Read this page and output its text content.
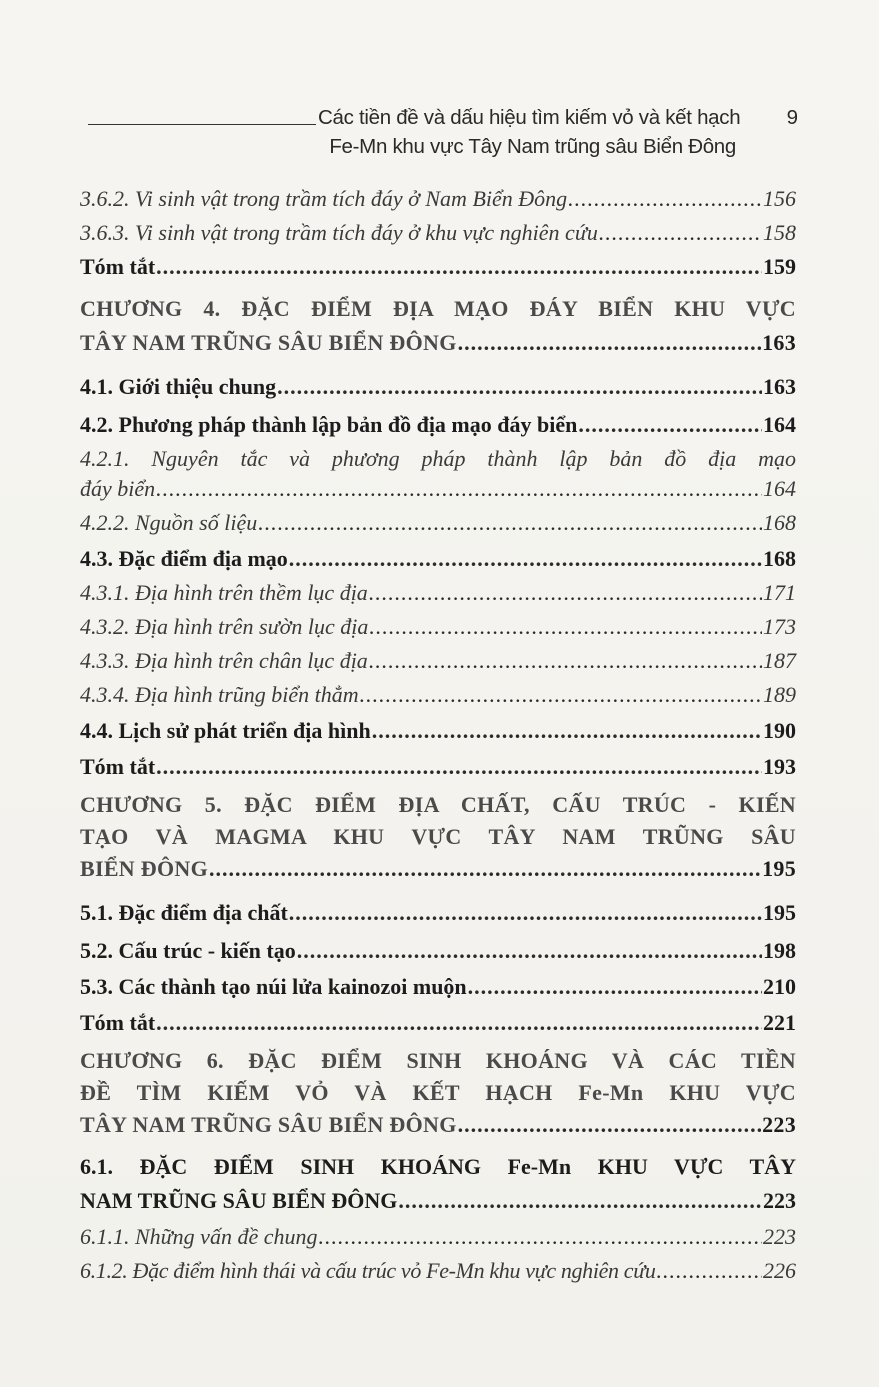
Các tiền đề và dấu hiệu tìm kiếm vỏ và kết hạch
Fe-Mn khu vực Tây Nam trũng sâu Biển Đông
9
3.6.2. Vi sinh vật trong trầm tích đáy ở Nam Biển Đông .....	156
3.6.3. Vi sinh vật trong trầm tích đáy ở khu vực nghiên cứu .....	158
Tóm tắt .....	159
CHƯƠNG 4. ĐẶC ĐIỂM ĐỊA MẠO ĐÁY BIỂN KHU VỰC
TÂY NAM TRŨNG SÂU BIỂN ĐÔNG .....	163
4.1. Giới thiệu chung .....	163
4.2. Phương pháp thành lập bản đồ địa mạo đáy biển .....	164
4.2.1. Nguyên tắc và phương pháp thành lập bản đồ địa mạo
đáy biển .....	164
4.2.2. Nguồn số liệu .....	168
4.3. Đặc điểm địa mạo .....	168
4.3.1. Địa hình trên thềm lục địa .....	171
4.3.2. Địa hình trên sườn lục địa .....	173
4.3.3. Địa hình trên chân lục địa .....	187
4.3.4. Địa hình trũng biển thẳm .....	189
4.4. Lịch sử phát triển địa hình .....	190
Tóm tắt .....	193
CHƯƠNG 5. ĐẶC ĐIỂM ĐỊA CHẤT, CẤU TRÚC - KIẾN
TẠO VÀ MAGMA KHU VỰC TÂY NAM TRŨNG SÂU
BIỂN ĐÔNG .....	195
5.1. Đặc điểm địa chất .....	195
5.2. Cấu trúc - kiến tạo .....	198
5.3. Các thành tạo núi lửa kainozoi muộn .....	210
Tóm tắt .....	221
CHƯƠNG 6. ĐẶC ĐIỂM SINH KHOÁNG VÀ CÁC TIỀN
ĐỀ TÌM KIẾM VỎ VÀ KẾT HẠCH Fe-Mn KHU VỰC
TÂY NAM TRŨNG SÂU BIỂN ĐÔNG .....	223
6.1. ĐẶC ĐIỂM SINH KHOÁNG Fe-Mn KHU VỰC TÂY
NAM TRŨNG SÂU BIỂN ĐÔNG .....	223
6.1.1. Những vấn đề chung .....	223
6.1.2. Đặc điểm hình thái và cấu trúc vỏ Fe-Mn khu vực nghiên cứu .....	226
